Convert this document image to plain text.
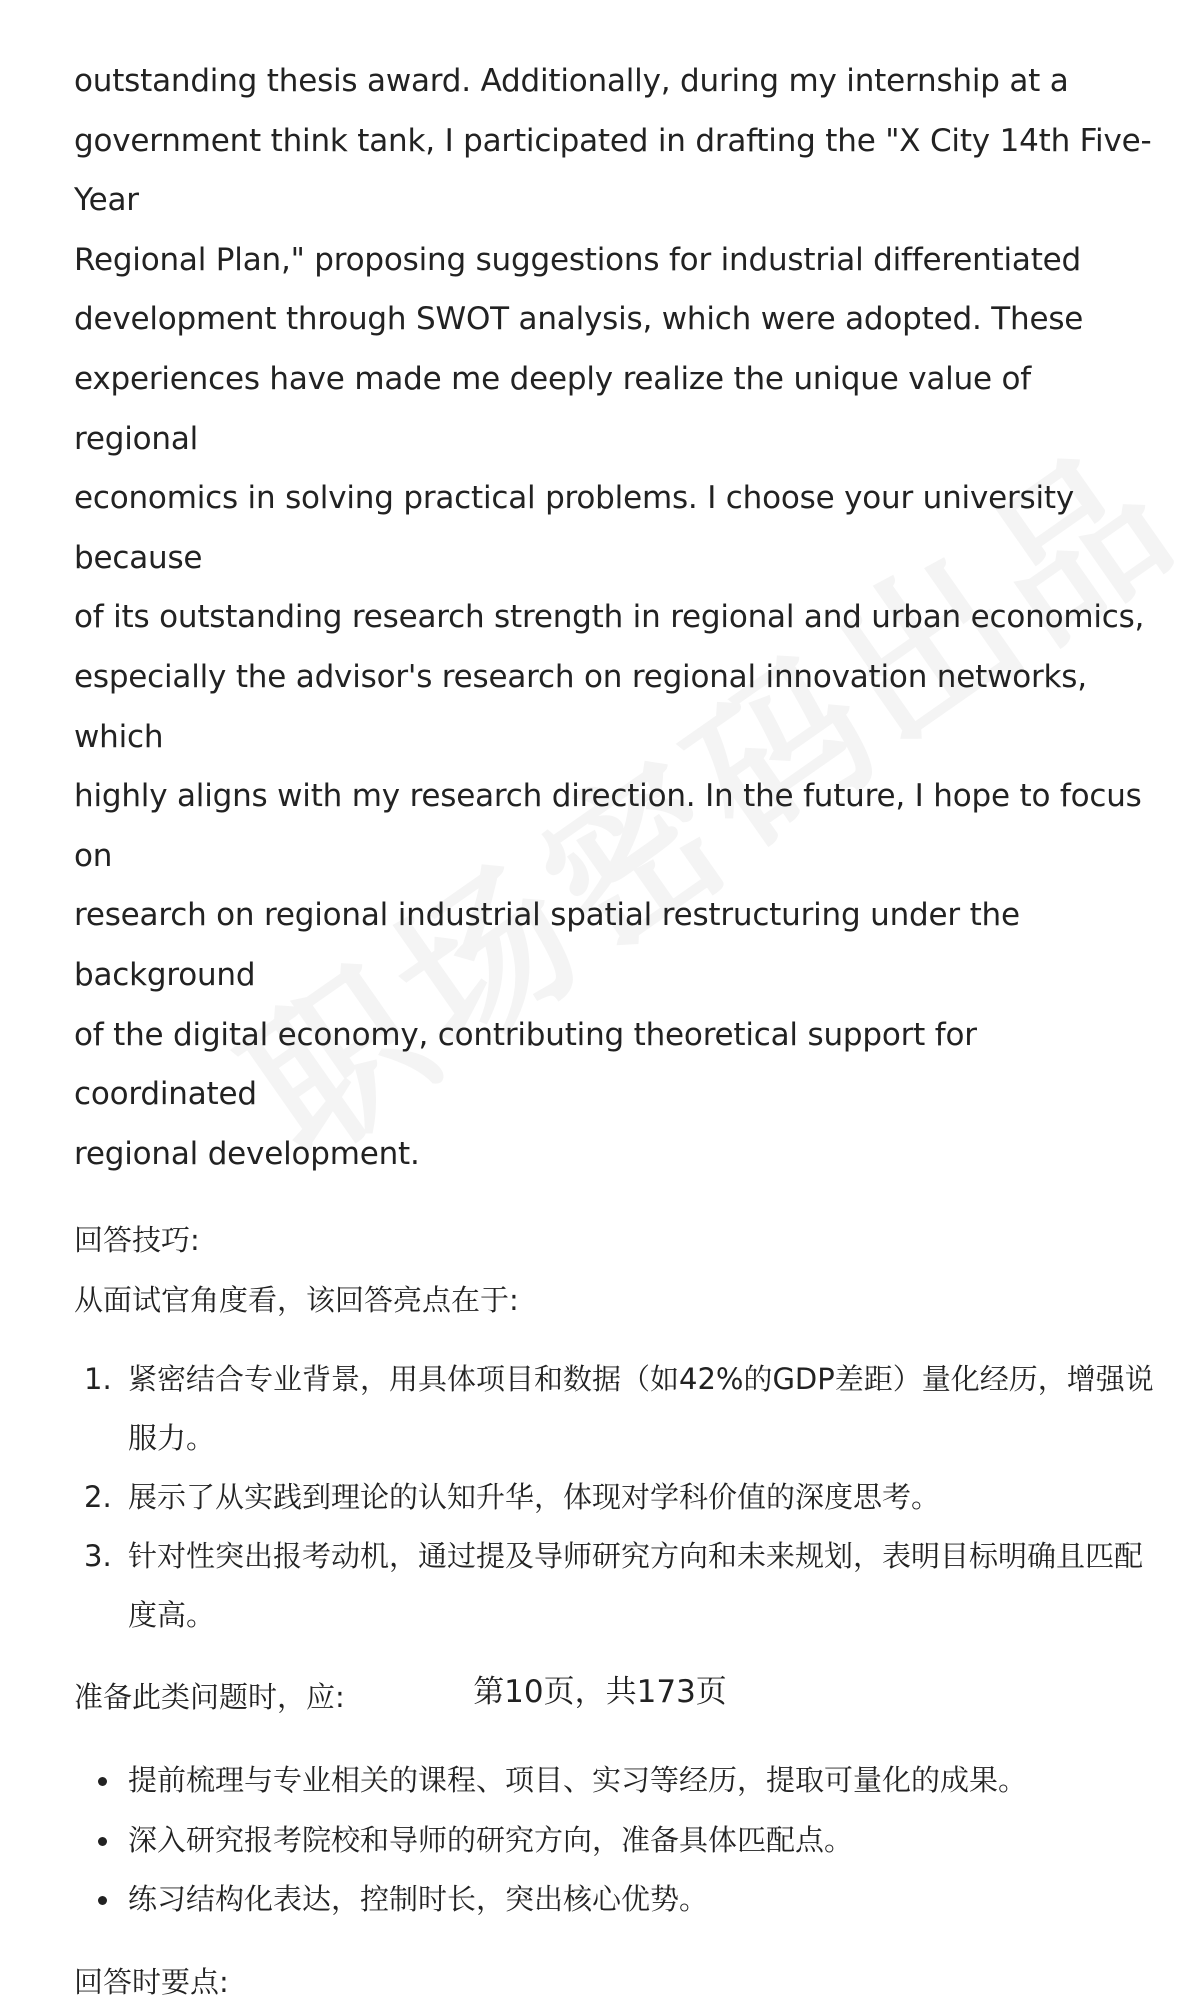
outstanding thesis award. Additionally, during my internship at a

government think tank, I participated in drafting the "X City 14th Five-Year

Regional Plan," proposing suggestions for industrial differentiated

development through SWOT analysis, which were adopted. These

experiences have made me deeply realize the unique value of regional

economics in solving practical problems. I choose your university because

of its outstanding research strength in regional and urban economics,

especially the advisor's research on regional innovation networks, which

highly aligns with my research direction. In the future, I hope to focus on

research on regional industrial spatial restructuring under the background

of the digital economy, contributing theoretical support for coordinated

regional development.

回答技巧:

从面试官角度看，该回答亮点在于:

1. 紧密结合专业背景，用具体项目和数据（如42%的GDP差距）量化经历，增强说服力。
2. 展示了从实践到理论的认知升华，体现对学科价值的深度思考。
3. 针对性突出报考动机，通过提及导师研究方向和未来规划，表明目标明确且匹配度高。

准备此类问题时，应:

提前梳理与专业相关的课程、项目、实习等经历，提取可量化的成果。
深入研究报考院校和导师的研究方向，准备具体匹配点。
练习结构化表达，控制时长，突出核心优势。

回答时要点:

第10页，共173页
